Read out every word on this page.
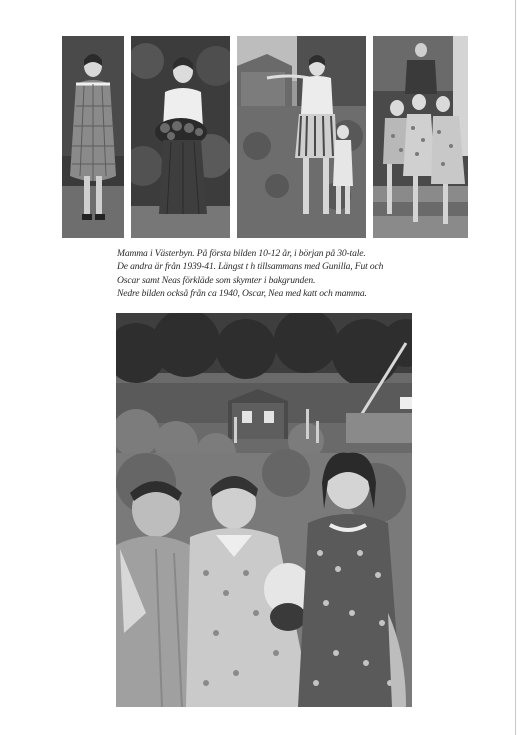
Mamma i Västerbyn. På första bilden 10-12 år, i början på 30-tale.
De andra är från 1939-41. Längst t h tillsammans med Gunilla, Fut och
Oscar samt Neas förkläde som skymter i bakgrunden.
Nedre bilden också från ca 1940, Oscar, Nea med katt och mamma.
